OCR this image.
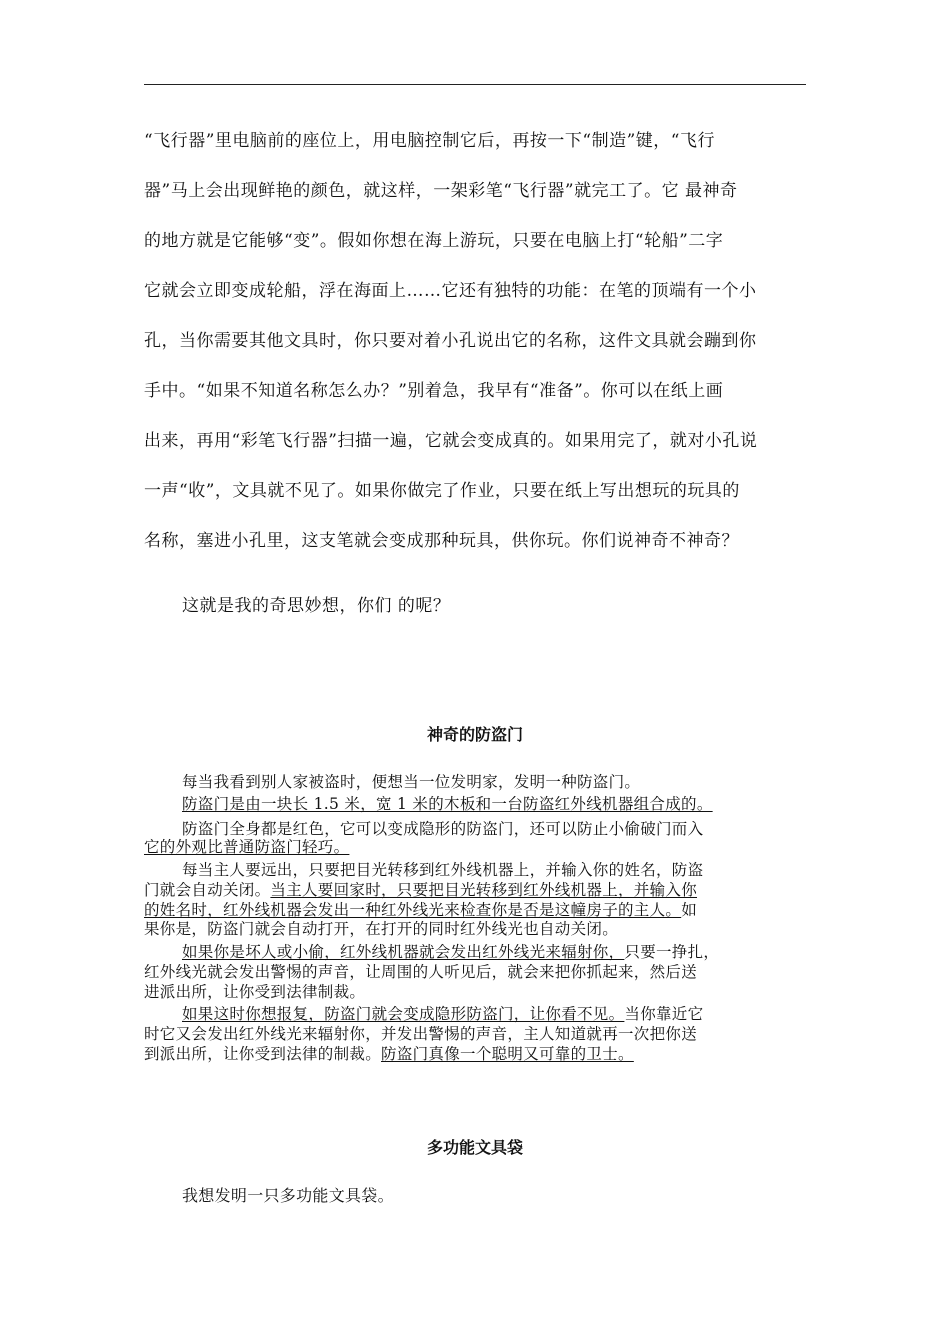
“飞行器”里电脑前的座位上，用电脑控制它后，再按一下“制造”键，“飞行
器”马上会出现鲜艳的颜色，就这样，一架彩笔“飞行器”就完工了。它 最神奇
的地方就是它能够“变”。假如你想在海上游玩，只要在电脑上打“轮船”二字
它就会立即变成轮船，浮在海面上……它还有独特的功能：在笔的顶端有一个小
孔，当你需要其他文具时，你只要对着小孔说出它的名称，这件文具就会蹦到你
手中。“如果不知道名称怎么办？”别着急，我早有“准备”。你可以在纸上画
出来，再用“彩笔飞行器”扫描一遍，它就会变成真的。如果用完了，就对小孔说
一声“收”，文具就不见了。如果你做完了作业，只要在纸上写出想玩的玩具的
名称，塞进小孔里，这支笔就会变成那种玩具，供你玩。你们说神奇不神奇？
这就是我的奇思妙想，你们 的呢？
神奇的防盗门
每当我看到别人家被盗时，便想当一位发明家，发明一种防盗门。
防盗门是由一块长 1.5 米，宽 1 米的木板和一台防盗红外线机器组合成的。
防盗门全身都是红色，它可以变成隐形的防盗门，还可以防止小偷破门而入
它的外观比普通防盗门轻巧。
每当主人要远出，只要把目光转移到红外线机器上，并输入你的姓名，防盗
门就会自动关闭。当主人要回家时，只要把目光转移到红外线机器上，并输入你
的姓名时，红外线机器会发出一种红外线光来检查你是否是这幢房子的主人。如
果你是，防盗门就会自动打开，在打开的同时红外线光也自动关闭。
如果你是坏人或小偷，红外线机器就会发出红外线光来辐射你，只要一挣扎，
红外线光就会发出警惕的声音，让周围的人听见后，就会来把你抓起来，然后送
进派出所，让你受到法律制裁。
如果这时你想报复，防盗门就会变成隐形防盗门，让你看不见。当你靠近它
时它又会发出红外线光来辐射你，并发出警惕的声音，主人知道就再一次把你送
到派出所，让你受到法律的制裁。防盗门真像一个聪明又可靠的卫士。
多功能文具袋
我想发明一只多功能文具袋。
